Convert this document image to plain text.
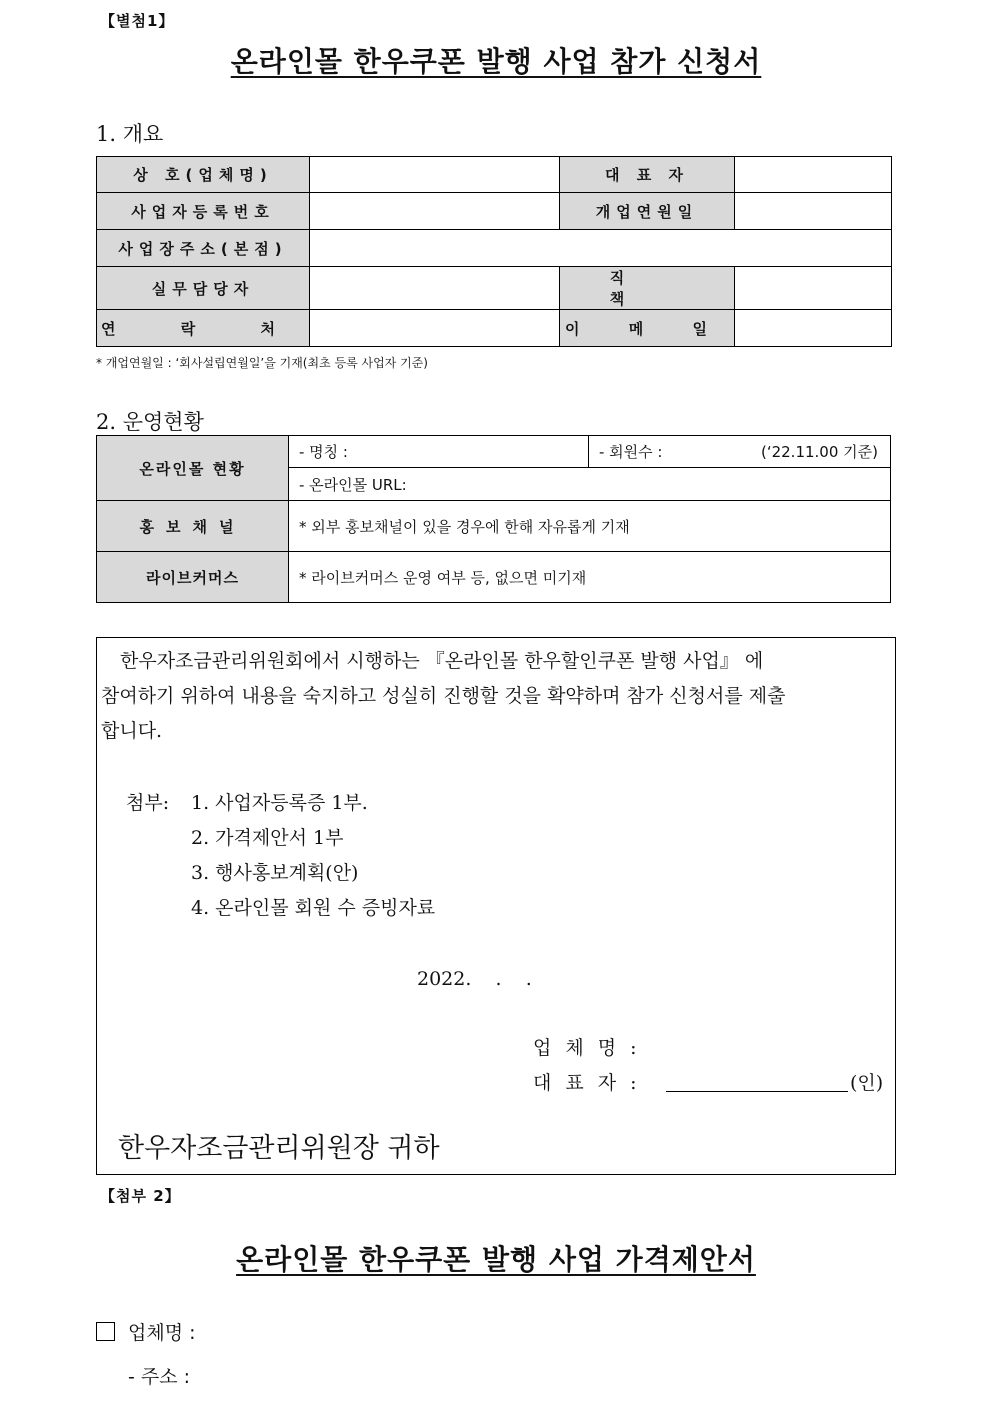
【별첨1】
온라인몰 한우쿠폰 발행 사업 참가 신청서
1. 개요
상 호(업체명)		대 표 자	
사업자등록번호		개업연원일	
사업장주소(본점)			
실무담당자		직 책	
연 락 처		이 메 일	
* 개업연월일 : ‘회사설립연월일’을 기재(최초 등록 사업자 기준)
2. 운영현황
온라인몰 현황	- 명칭 :	- 회원수 : (‘22.11.00 기준)

	- 온라인몰 URL:	
홍보채널	* 외부 홍보채널이 있을 경우에 한해 자유롭게 기재	
라이브커머스	* 라이브커머스 운영 여부 등, 없으면 미기재	
한우자조금관리위원회에서 시행하는 『온라인몰 한우할인쿠폰 발행 사업』 에
참여하기 위하여 내용을 숙지하고 성실히 진행할 것을 확약하며 참가 신청서를 제출
합니다.
첨부: 1. 사업자등록증 1부.
2. 가격제안서 1부
3. 행사홍보계획(안)
4. 온라인몰 회원 수 증빙자료
2022.    .    .
업 체 명 :
대 표 자 :	(인)
한우자조금관리위원장 귀하
【첨부 2】
온라인몰 한우쿠폰 발행 사업 가격제안서
업체명 :
- 주소 :
